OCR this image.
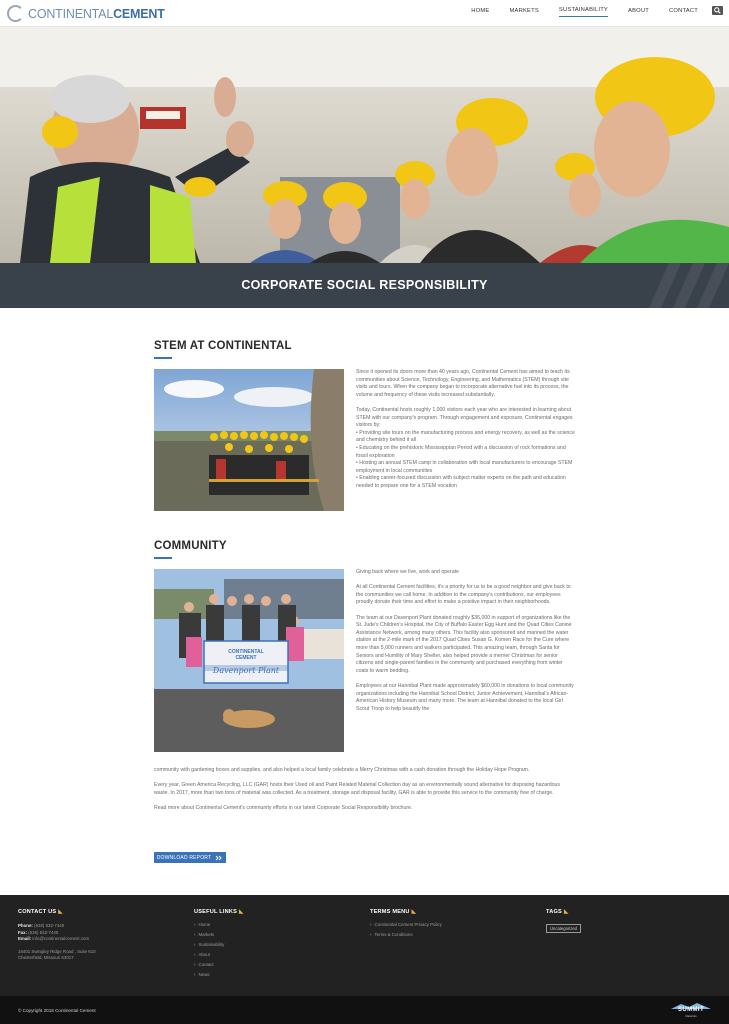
CONTINENTALCEMENT	HOME	MARKETS	SUSTAINABILITY	ABOUT	CONTACT
CORPORATE SOCIAL RESPONSIBILITY
STEM AT CONTINENTAL

Since it opened its doors more than 40 years ago, Continental Cement has aimed to teach its communities about Science, Technology, Engineering, and Mathematics (STEM) through site visits and tours. When the company began to incorporate alternative fuel into its process, the volume and frequency of these visits increased substantially.

Today, Continental hosts roughly 1,000 visitors each year who are interested in learning about STEM with our company's program. Through engagement and exposure, Continental engages visitors by:

• Providing site tours on the manufacturing process and energy recovery, as well as the science and chemistry behind it all
• Educating on the prehistoric Mississippian Period with a discussion of rock formations and fossil exploration
• Hosting an annual STEM camp in collaboration with local manufacturers to encourage STEM employment in local communities
• Enabling career-focused discussion with subject matter experts on the path and education needed to prepare one for a STEM vocation
COMMUNITY
CONTINENTAL
CEMENT
Davenport Plant

Giving back where we live, work and operate

At all Continental Cement facilities, it's a priority for us to be a good neighbor and give back to the communities we call home. In addition to the company's contributions, our employees proudly donate their time and effort to make a positive impact in their neighborhoods.

The team at our Davenport Plant donated roughly $36,000 in support of organizations like the St. Jude's Children's Hospital, the City of Buffalo Easter Egg Hunt and the Quad Cities Canine Assistance Network, among many others. This facility also sponsored and manned the water station at the 2-mile mark of the 2017 Quad Cities Susan G. Komen Race for the Cure where more than 5,000 runners and walkers participated. This amazing team, through Santa for Seniors and Humility of Mary Shelter, also helped provide a merrier Christmas for senior citizens and single-parent families in the community and purchased everything from winter coats to warm bedding.

Employees at our Hannibal Plant made approximately $60,000 in donations to local community organizations including the Hannibal School District, Junior Achievement, Hannibal's African-American History Museum and many more. The team at Hannibal donated to the local Girl Scout Troop to help beautify the

community with gardening boxes and supplies, and also helped a local family celebrate a Merry Christmas with a cash donation through the Holiday Hope Program.

Every year, Green America Recycling, LLC (GAR) hosts their Used oil and Paint Related Material Collection day as an environmentally sound alternative for disposing hazardous waste. In 2017, more than two tons of material was collected. As a treatment, storage and disposal facility, GAR is able to provide this service to the community free of charge.

Read more about Continental Cement's community efforts in our latest Corporate Social Responsibility brochure.

DOWNLOAD REPORT
CONTACT US ◣
Phone: (636) 532-7440
Fax: (636) 532-7445
Email: info@continentalcement.com
16401 Swingley Ridge Road , Suite 610
Chesterfield, Missouri 63017
USEFUL LINKS ◣
› Home
› Markets
› Sustainability
› About
› Contact
› News
TERMS MENU ◣
› Continental Cement Privacy Policy
› Terms & Conditions
TAGS ◣
Uncategorized
© Copyright 2018 Continental Cement	SUMMIT
Materials
